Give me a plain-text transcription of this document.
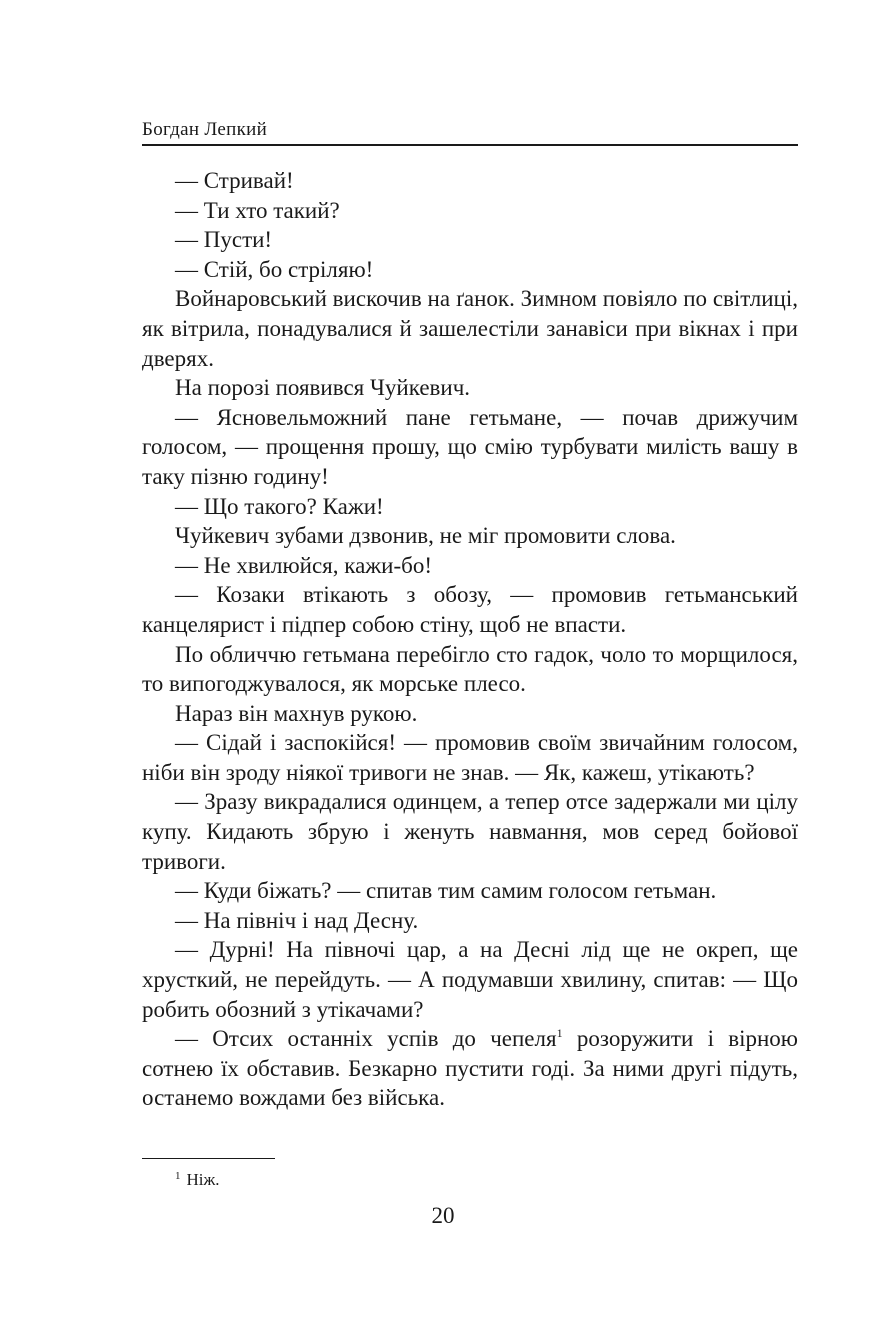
Богдан Лепкий

— Стривай!

— Ти хто такий?

— Пусти!

— Стій, бо стріляю!

Войнаровський вискочив на ґанок. Зимном повіяло по світлиці, як вітрила, понадувалися й зашелестіли занавіси при вікнах і при дверях.

На порозі появився Чуйкевич.

— Ясновельможний пане гетьмане, — почав дрижучим голосом, — прощення прошу, що смію турбувати милість вашу в таку пізню годину!

— Що такого? Кажи!

Чуйкевич зубами дзвонив, не міг промовити слова.

— Не хвилюйся, кажи-бо!

— Козаки втікають з обозу, — промовив гетьманський канцелярист і підпер собою стіну, щоб не впасти.

По обличчю гетьмана перебігло сто гадок, чоло то морщилося, то випогоджувалося, як морське плесо.

Нараз він махнув рукою.

— Сідай і заспокійся! — промовив своїм звичайним голосом, ніби він зроду ніякої тривоги не знав. — Як, кажеш, утікають?

— Зразу викрадалися одинцем, а тепер отсе задержали ми цілу купу. Кидають збрую і женуть навмання, мов серед бойової тривоги.

— Куди біжать? — спитав тим самим голосом гетьман.

— На північ і над Десну.

— Дурні! На півночі цар, а на Десні лід ще не окреп, ще хрусткий, не перейдуть. — А подумавши хвилину, спитав: — Що робить обозний з утікачами?

— Отсих останніх успів до чепеля$^1$ розоружити і вірною сотнею їх обставив. Безкарно пустити годі. За ними другі підуть, останемо вождами без війська.

$^1$ Ніж.
20
